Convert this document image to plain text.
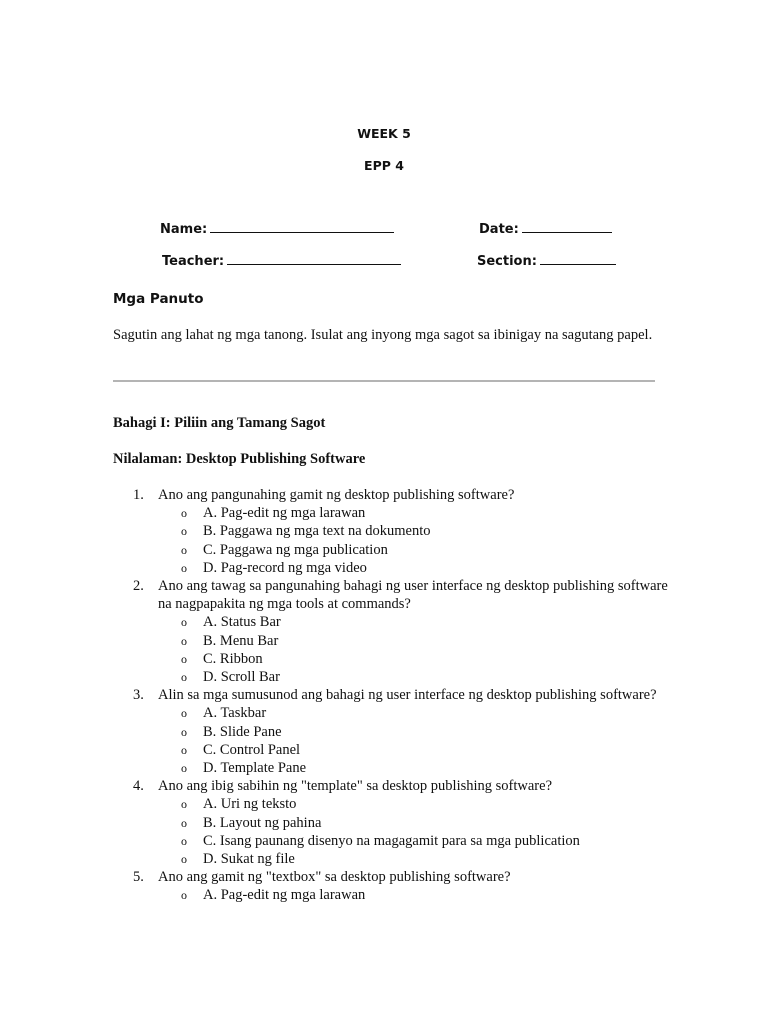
WEEK 5
EPP 4
Name:	Date:
Teacher:	Section:
Mga Panuto
Sagutin ang lahat ng mga tanong. Isulat ang inyong mga sagot sa ibinigay na sagutang papel.
Bahagi I: Piliin ang Tamang Sagot
Nilalaman: Desktop Publishing Software
1. Ano ang pangunahing gamit ng desktop publishing software?
o A. Pag-edit ng mga larawan
o B. Paggawa ng mga text na dokumento
o C. Paggawa ng mga publication
o D. Pag-record ng mga video
2. Ano ang tawag sa pangunahing bahagi ng user interface ng desktop publishing software na nagpapakita ng mga tools at commands?
o A. Status Bar
o B. Menu Bar
o C. Ribbon
o D. Scroll Bar
3. Alin sa mga sumusunod ang bahagi ng user interface ng desktop publishing software?
o A. Taskbar
o B. Slide Pane
o C. Control Panel
o D. Template Pane
4. Ano ang ibig sabihin ng "template" sa desktop publishing software?
o A. Uri ng teksto
o B. Layout ng pahina
o C. Isang paunang disenyo na magagamit para sa mga publication
o D. Sukat ng file
5. Ano ang gamit ng "textbox" sa desktop publishing software?
o A. Pag-edit ng mga larawan
